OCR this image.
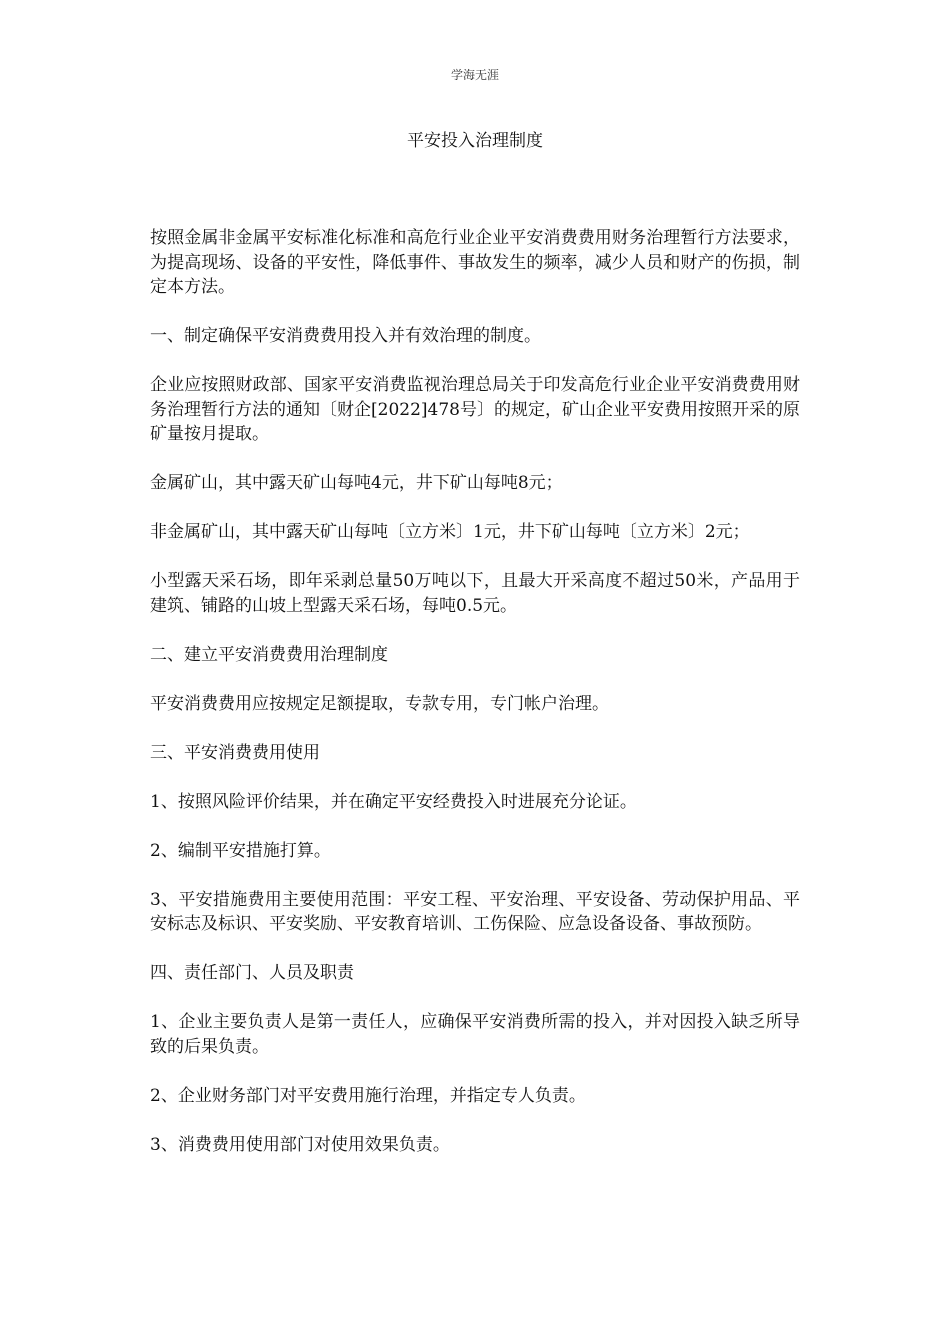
学海无涯
平安投入治理制度

按照金属非金属平安标准化标准和高危行业企业平安消费费用财务治理暂行方法要求，为提高现场、设备的平安性，降低事件、事故发生的频率，减少人员和财产的伤损，制定本方法。

一、制定确保平安消费费用投入并有效治理的制度。

企业应按照财政部、国家平安消费监视治理总局关于印发高危行业企业平安消费费用财务治理暂行方法的通知〔财企[2022]478号〕的规定，矿山企业平安费用按照开采的原矿量按月提取。

金属矿山，其中露天矿山每吨4元，井下矿山每吨8元；

非金属矿山，其中露天矿山每吨〔立方米〕1元，井下矿山每吨〔立方米〕2元；

小型露天采石场，即年采剥总量50万吨以下，且最大开采高度不超过50米，产品用于建筑、铺路的山坡上型露天采石场，每吨0.5元。

二、建立平安消费费用治理制度

平安消费费用应按规定足额提取，专款专用，专门帐户治理。

三、平安消费费用使用

1、按照风险评价结果，并在确定平安经费投入时进展充分论证。

2、编制平安措施打算。

3、平安措施费用主要使用范围：平安工程、平安治理、平安设备、劳动保护用品、平安标志及标识、平安奖励、平安教育培训、工伤保险、应急设备设备、事故预防。

四、责任部门、人员及职责

1、企业主要负责人是第一责任人，应确保平安消费所需的投入，并对因投入缺乏所导致的后果负责。

2、企业财务部门对平安费用施行治理，并指定专人负责。

3、消费费用使用部门对使用效果负责。
